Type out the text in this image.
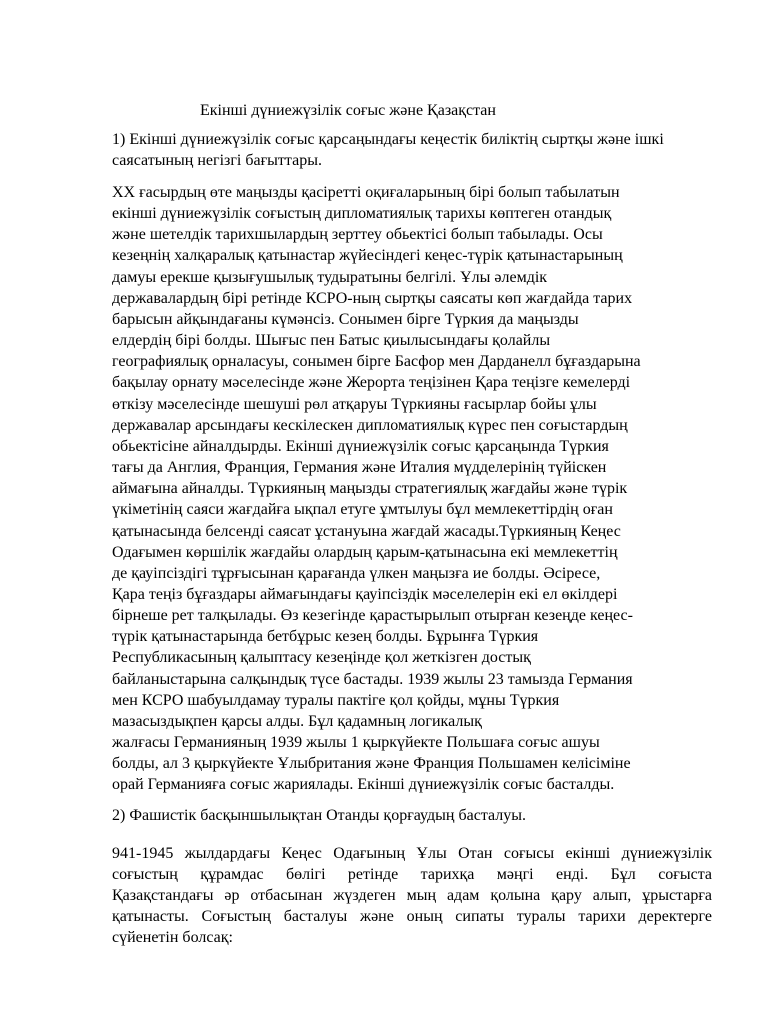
Екінші дүниежүзілік соғыс және Қазақстан
1) Екінші дүниежүзілік соғыс қарсаңындағы кеңестік биліктің сыртқы және ішкі саясатының негізгі бағыттары.
XX ғасырдың өте маңызды қасіретті оқиғаларының бірі болып табылатын
екінші дүниежүзілік соғыстың дипломатиялық тарихы көптеген отандық
және шетелдік тарихшылардың зерттеу обьектісі болып табылады. Осы
кезеңнің халқаралық қатынастар жүйесіндегі кеңес-түрік қатынастарының
дамуы ерекше қызығушылық тудыратыны белгілі. Ұлы әлемдік
державалардың бірі ретінде КСРО-ның сыртқы саясаты көп жағдайда тарих
барысын айқындағаны күмәнсіз. Сонымен бірге Түркия да маңызды
елдердің бірі болды. Шығыс пен Батыс қиылысындағы қолайлы
географиялық орналасуы, сонымен бірге Басфор мен Дарданелл бұғаздарына
бақылау орнату мәселесінде және Жерорта теңізінен Қара теңізге кемелерді
өткізу мәселесінде шешуші рөл атқаруы Түркияны ғасырлар бойы ұлы
державалар арсындағы кескілескен дипломатиялық күрес пен соғыстардың
обьектісіне айналдырды. Екінші дүниежүзілік соғыс қарсаңында Түркия
тағы да Англия, Франция, Германия және Италия мүдделерінің түйіскен
аймағына айналды. Түркияның маңызды стратегиялық жағдайы және түрік
үкіметінің саяси жағдайға ықпал етуге ұмтылуы бұл мемлекеттірдің оған
қатынасында белсенді саясат ұстануына жағдай жасады.Түркияның Кеңес
Одағымен көршілік жағдайы олардың қарым-қатынасына екі мемлекеттің
де қауіпсіздігі тұрғысынан қарағанда үлкен маңызға ие болды. Әсіресе,
Қара теңіз бұғаздары аймағындағы қауіпсіздік мәселелерін екі ел өкілдері
бірнеше рет талқылады. Өз кезегінде қарастырылып отырған кезеңде кеңес-
түрік қатынастарында бетбұрыс кезең болды. Бұрынға Түркия
Республикасының қалыптасу кезеңінде қол жеткізген достық
байланыстарына салқындық түсе бастады. 1939 жылы 23 тамызда Германия
мен КСРО шабуылдамау туралы пактіге қол қойды, мұны Түркия
мазасыздықпен қарсы алды. Бұл қадамның логикалық
жалғасы Германияның 1939 жылы 1 қыркүйекте Польшаға соғыс ашуы
болды, ал 3 қыркүйекте Ұлыбритания және Франция Польшамен келісіміне
орай Германияға соғыс жариялады. Екінші дүниежүзілік соғыс басталды.
2) Фашистік басқыншылықтан Отанды қорғаудың басталуы.
941-1945 жылдардағы Кеңес Одағының Ұлы Отан соғысы екінші дүниежүзілік
соғыстың құрамдас бөлігі ретінде тарихқа мәңгі енді. Бұл соғыста
Қазақстандағы әр отбасынан жүздеген мың адам қолына қару алып, ұрыстарға
қатынасты. Соғыстың басталуы және оның сипаты туралы тарихи деректерге
сүйенетін болсақ:
